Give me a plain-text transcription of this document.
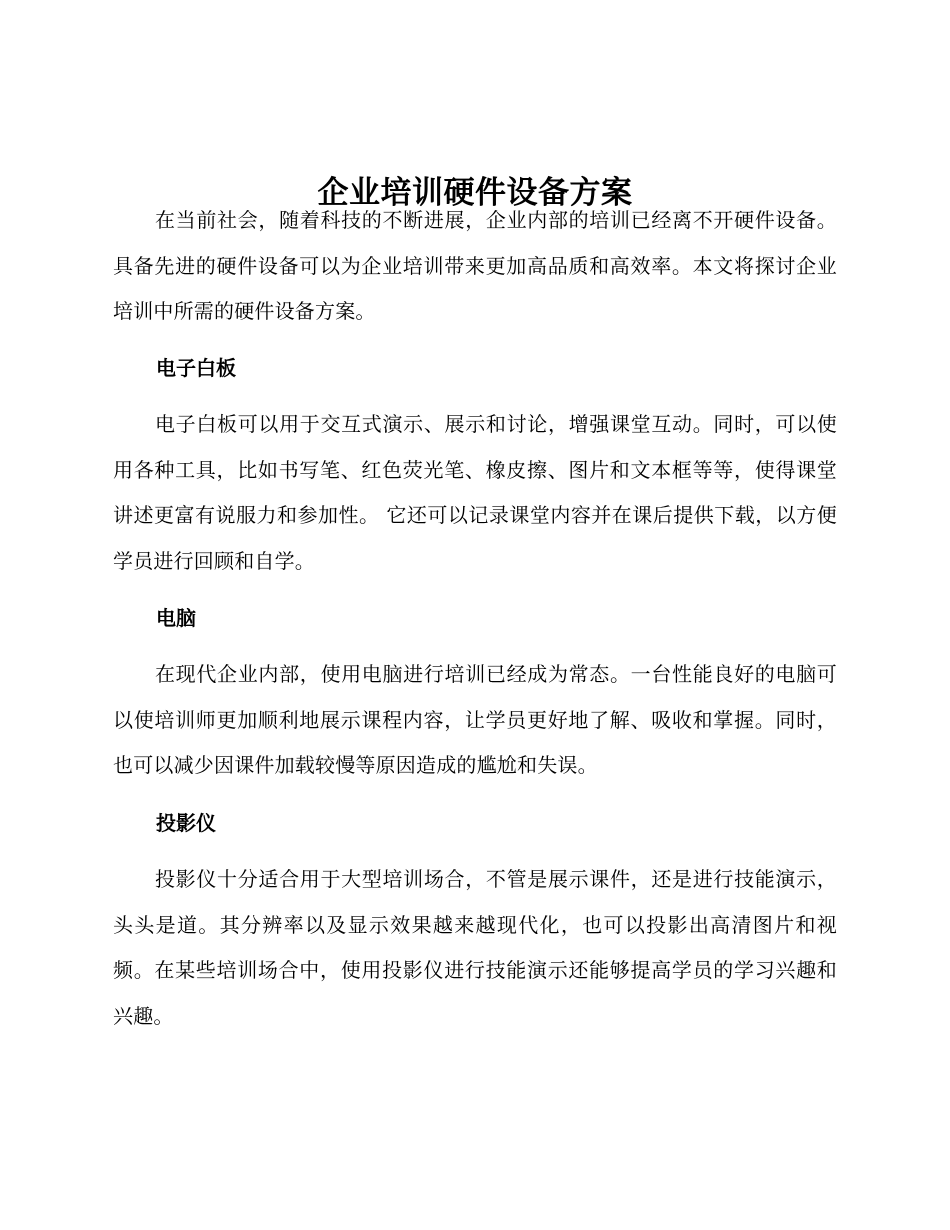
企业培训硬件设备方案

在当前社会，随着科技的不断进展，企业内部的培训已经离不开硬件设备。具备先进的硬件设备可以为企业培训带来更加高品质和高效率。本文将探讨企业培训中所需的硬件设备方案。

电子白板

电子白板可以用于交互式演示、展示和讨论，增强课堂互动。同时，可以使用各种工具，比如书写笔、红色荧光笔、橡皮擦、图片和文本框等等，使得课堂讲述更富有说服力和参加性。 它还可以记录课堂内容并在课后提供下载，以方便学员进行回顾和自学。

电脑

在现代企业内部，使用电脑进行培训已经成为常态。一台性能良好的电脑可以使培训师更加顺利地展示课程内容，让学员更好地了解、吸收和掌握。同时，也可以减少因课件加载较慢等原因造成的尴尬和失误。

投影仪

投影仪十分适合用于大型培训场合，不管是展示课件，还是进行技能演示，头头是道。其分辨率以及显示效果越来越现代化，也可以投影出高清图片和视频。在某些培训场合中，使用投影仪进行技能演示还能够提高学员的学习兴趣和兴趣。
